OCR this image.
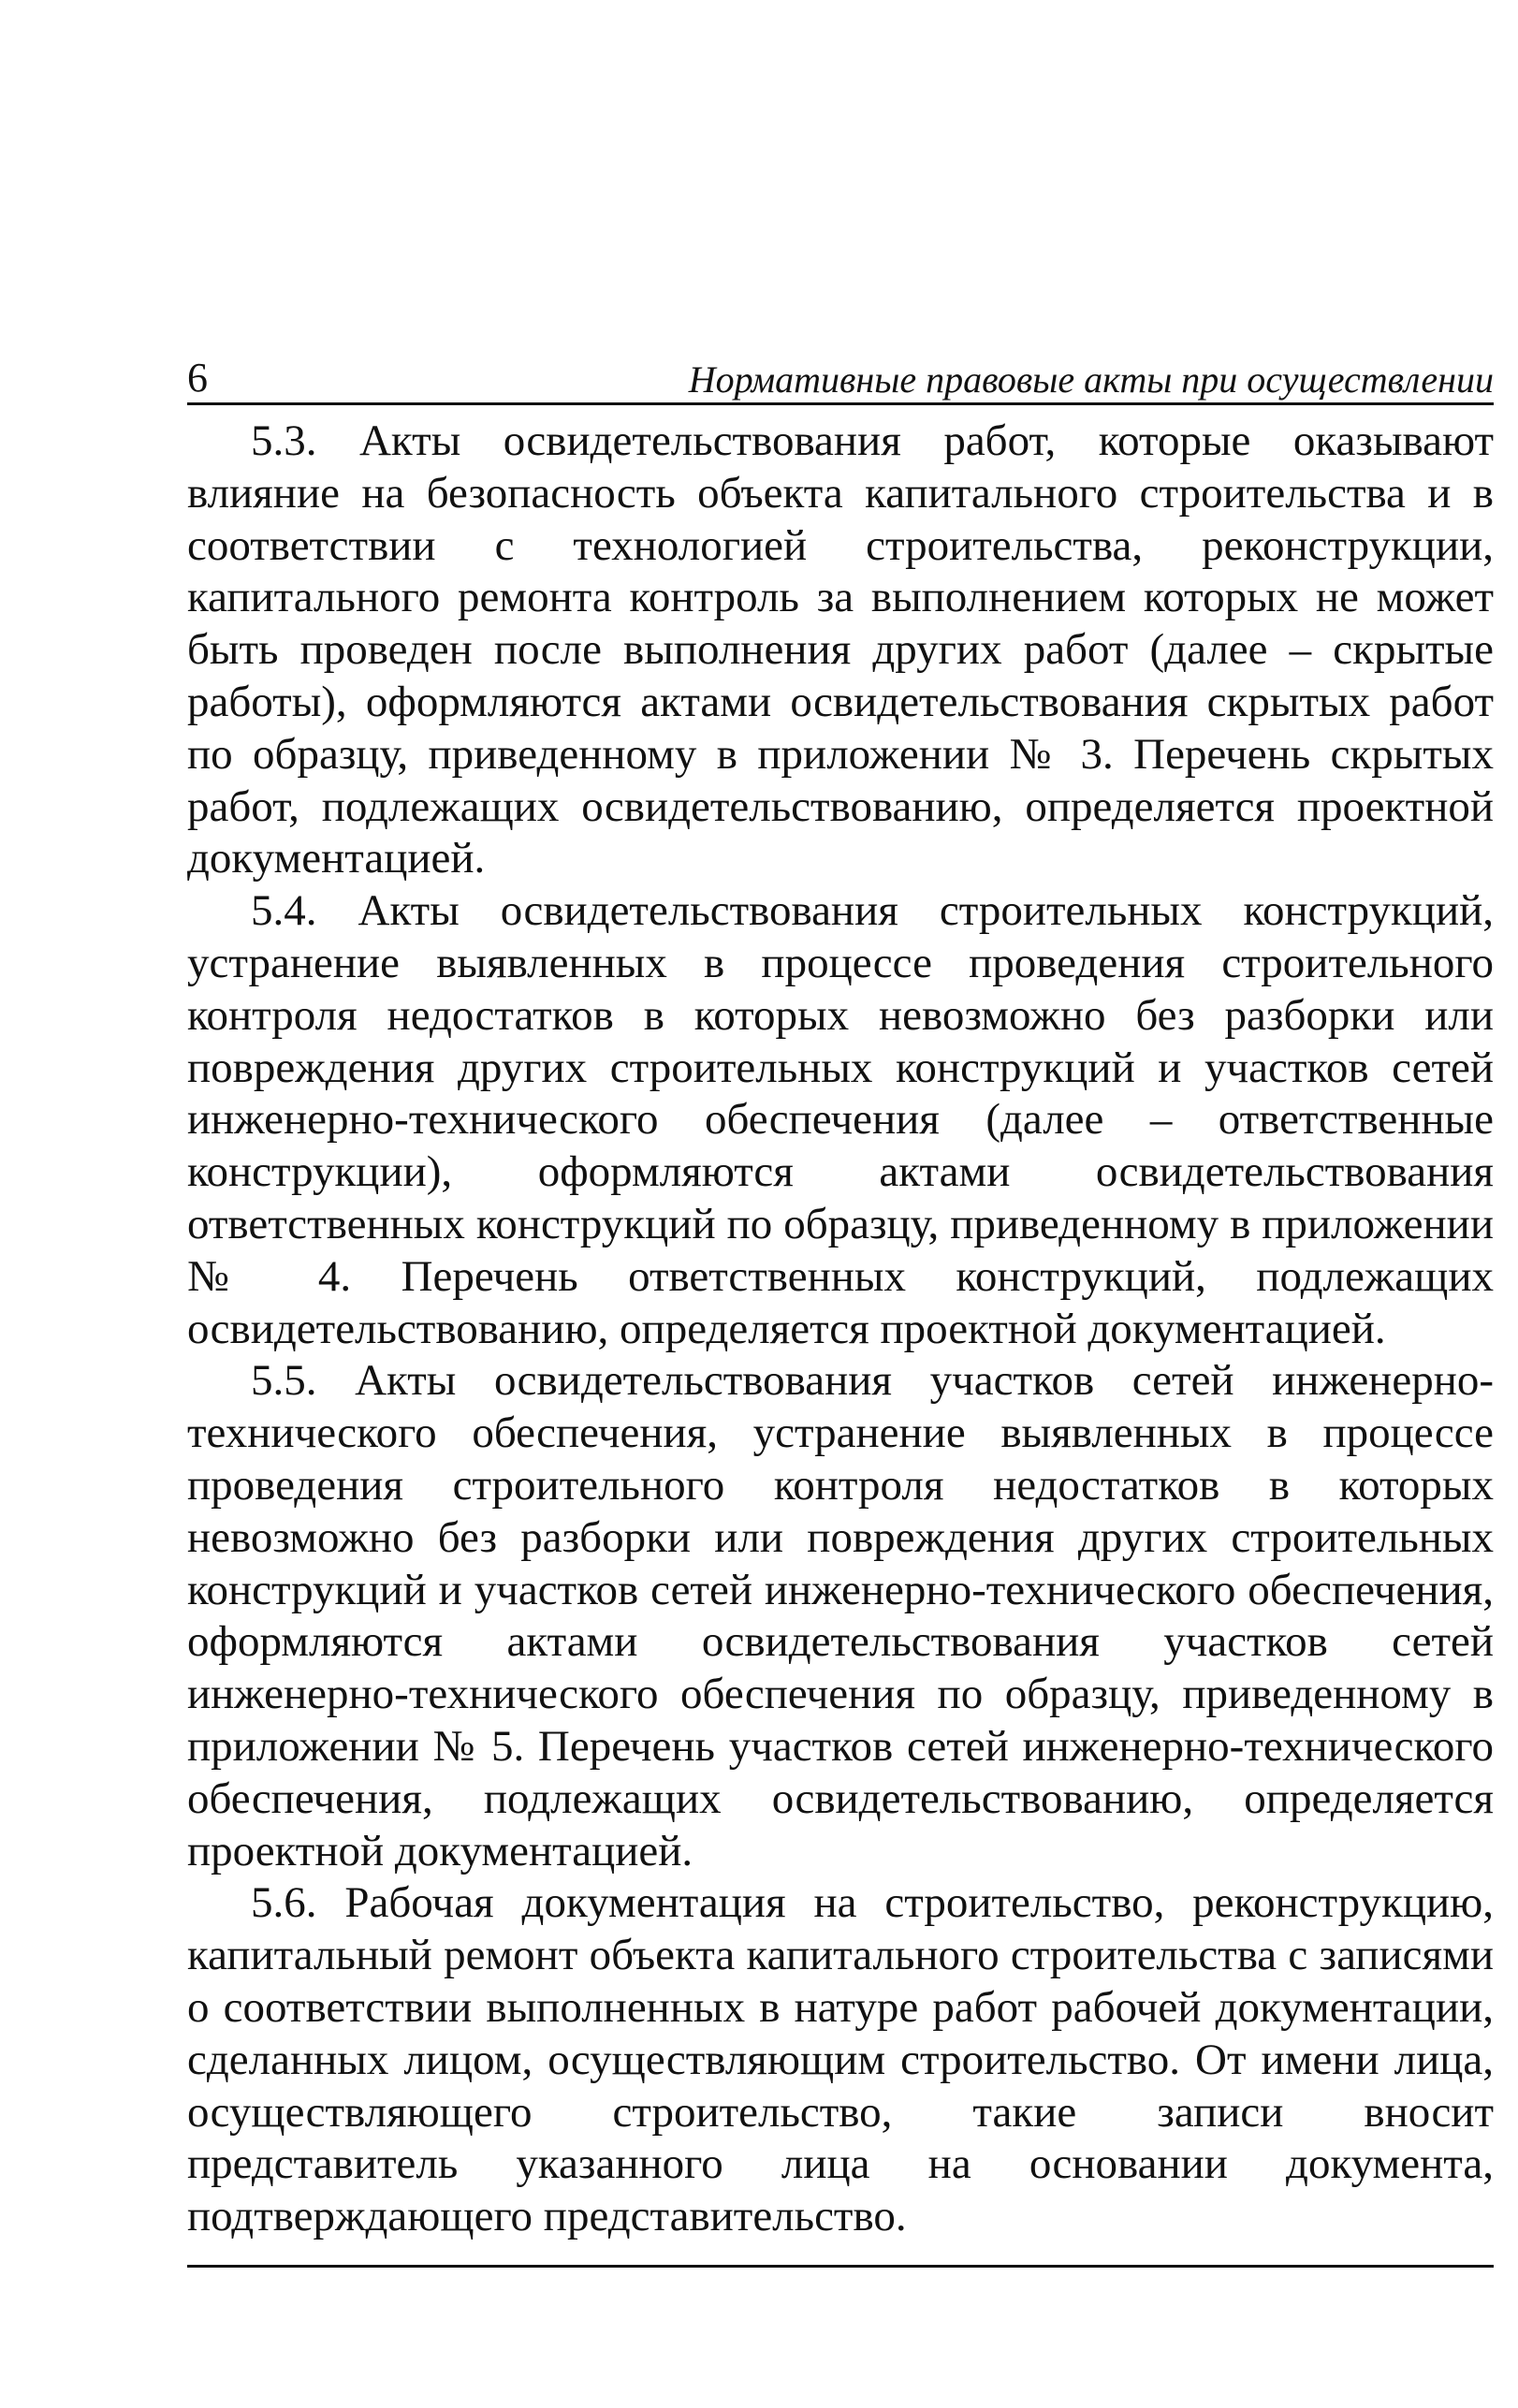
6	Нормативные правовые акты при осуществлении

5.3. Акты освидетельствования работ, которые оказывают влияние на безопасность объекта капитального строительства и в соответствии с технологией строительства, реконструкции, капитального ремонта контроль за выполнением которых не может быть проведен после выполнения других работ (далее – скрытые работы), оформляются актами освидетельствования скрытых работ по образцу, приведенному в приложении № 3. Перечень скрытых работ, подлежащих освидетельствованию, определяется проектной документацией.

5.4. Акты освидетельствования строительных конструкций, устранение выявленных в процессе проведения строительного контроля недостатков в которых невозможно без разборки или повреждения других строительных конструкций и участков сетей инженерно-технического обеспечения (далее – ответственные конструкции), оформляются актами освидетельствования ответственных конструкций по образцу, приведенному в приложении № 4. Перечень ответственных конструкций, подлежащих освидетельствованию, определяется проектной документацией.

5.5. Акты освидетельствования участков сетей инженерно-технического обеспечения, устранение выявленных в процессе проведения строительного контроля недостатков в которых невозможно без разборки или повреждения других строительных конструкций и участков сетей инженерно-технического обеспечения, оформляются актами освидетельствования участков сетей инженерно-технического обеспечения по образцу, приведенному в приложении № 5. Перечень участков сетей инженерно-технического обеспечения, подлежащих освидетельствованию, определяется проектной документацией.

5.6. Рабочая документация на строительство, реконструкцию, капитальный ремонт объекта капитального строительства с записями о соответствии выполненных в натуре работ рабочей документации, сделанных лицом, осуществляющим строительство. От имени лица, осуществляющего строительство, такие записи вносит представитель указанного лица на основании документа, подтверждающего представительство.
